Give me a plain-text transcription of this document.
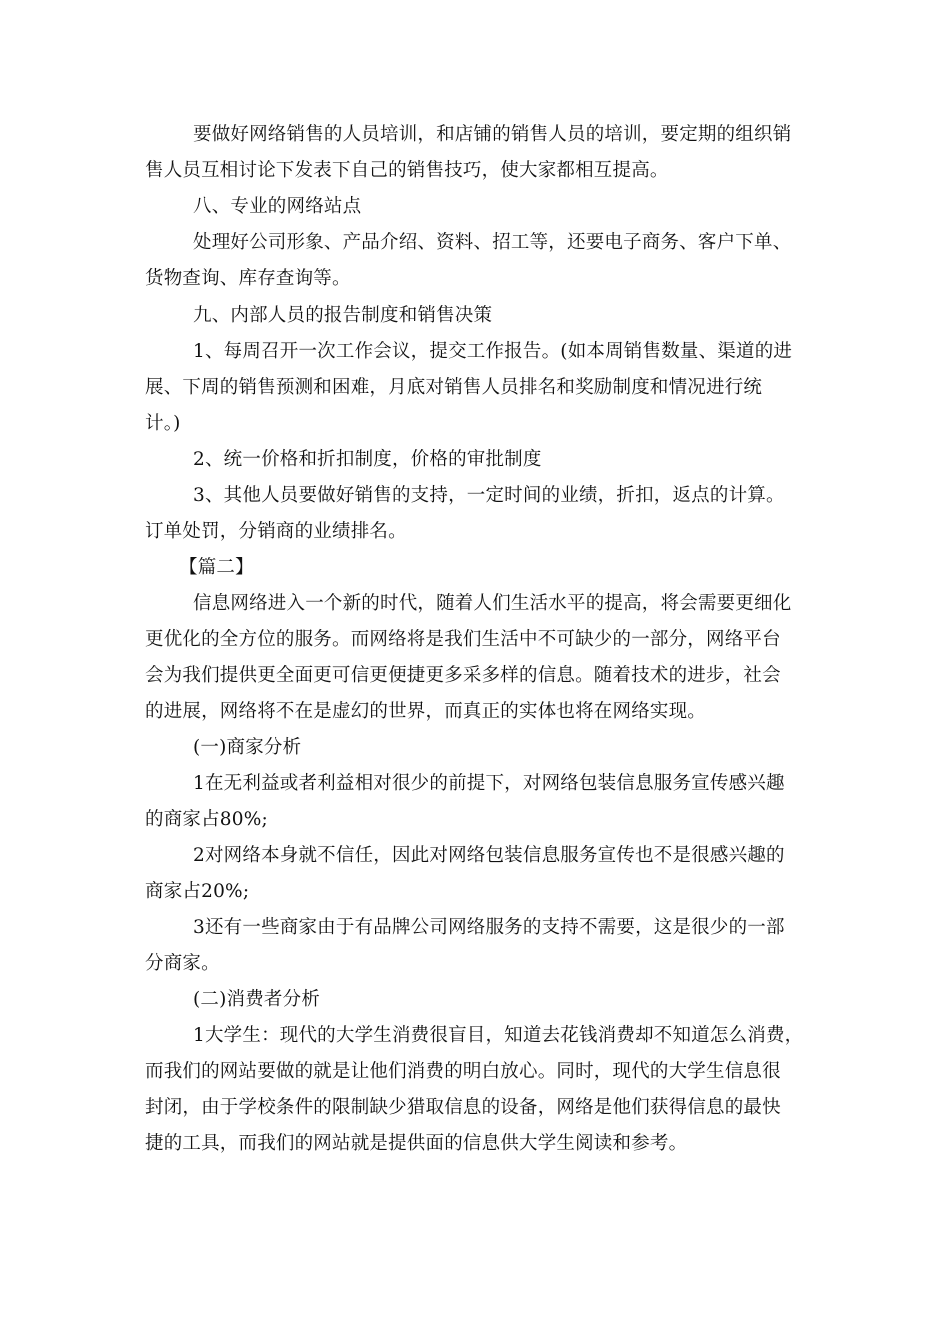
要做好网络销售的人员培训，和店铺的销售人员的培训，要定期的组织销
售人员互相讨论下发表下自己的销售技巧，使大家都相互提高。
八、专业的网络站点
处理好公司形象、产品介绍、资料、招工等，还要电子商务、客户下单、
货物查询、库存查询等。
九、内部人员的报告制度和销售决策
1、每周召开一次工作会议，提交工作报告。(如本周销售数量、渠道的进
展、下周的销售预测和困难，月底对销售人员排名和奖励制度和情况进行统
计。)
2、统一价格和折扣制度，价格的审批制度
3、其他人员要做好销售的支持，一定时间的业绩，折扣，返点的计算。
订单处罚，分销商的业绩排名。
【篇二】
信息网络进入一个新的时代，随着人们生活水平的提高，将会需要更细化
更优化的全方位的服务。而网络将是我们生活中不可缺少的一部分，网络平台
会为我们提供更全面更可信更便捷更多采多样的信息。随着技术的进步，社会
的进展，网络将不在是虚幻的世界，而真正的实体也将在网络实现。
(一)商家分析
1在无利益或者利益相对很少的前提下，对网络包装信息服务宣传感兴趣
的商家占80%;
2对网络本身就不信任，因此对网络包装信息服务宣传也不是很感兴趣的
商家占20%;
3还有一些商家由于有品牌公司网络服务的支持不需要，这是很少的一部
分商家。
(二)消费者分析
1大学生：现代的大学生消费很盲目，知道去花钱消费却不知道怎么消费，
而我们的网站要做的就是让他们消费的明白放心。同时，现代的大学生信息很
封闭，由于学校条件的限制缺少猎取信息的设备，网络是他们获得信息的最快
捷的工具，而我们的网站就是提供面的信息供大学生阅读和参考。
